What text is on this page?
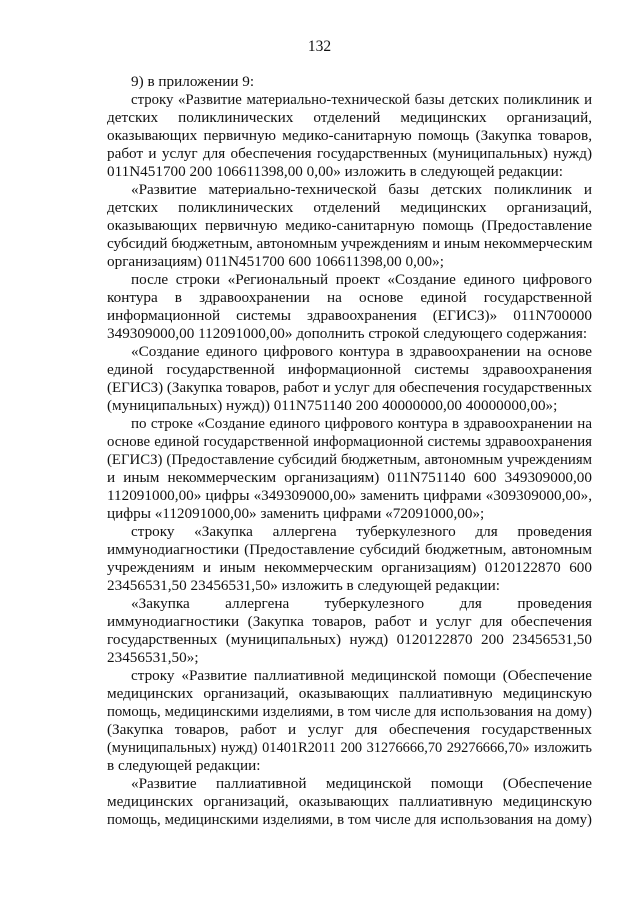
132
9) в приложении 9:
строку «Развитие материально-технической базы детских поликлиник и
детских поликлинических отделений медицинских организаций,
оказывающих первичную медико-санитарную помощь (Закупка товаров,
работ и услуг для обеспечения государственных (муниципальных) нужд)
011N451700 200 106611398,00 0,00» изложить в следующей редакции:
«Развитие материально-технической базы детских поликлиник и
детских поликлинических отделений медицинских организаций,
оказывающих первичную медико-санитарную помощь (Предоставление
субсидий бюджетным, автономным учреждениям и иным некоммерческим
организациям) 011N451700 600 106611398,00 0,00»;
после строки «Региональный проект «Создание единого цифрового
контура в здравоохранении на основе единой государственной
информационной системы здравоохранения (ЕГИСЗ)» 011N700000
349309000,00 112091000,00» дополнить строкой следующего содержания:
«Создание единого цифрового контура в здравоохранении на основе
единой государственной информационной системы здравоохранения
(ЕГИСЗ) (Закупка товаров, работ и услуг для обеспечения государственных
(муниципальных) нужд)) 011N751140 200 40000000,00 40000000,00»;
по строке «Создание единого цифрового контура в здравоохранении на
основе единой государственной информационной системы здравоохранения
(ЕГИСЗ) (Предоставление субсидий бюджетным, автономным учреждениям
и иным некоммерческим организациям) 011N751140 600 349309000,00
112091000,00» цифры «349309000,00» заменить цифрами «309309000,00»,
цифры «112091000,00» заменить цифрами «72091000,00»;
строку «Закупка аллергена туберкулезного для проведения
иммунодиагностики (Предоставление субсидий бюджетным, автономным
учреждениям и иным некоммерческим организациям) 0120122870 600
23456531,50 23456531,50» изложить в следующей редакции:
«Закупка аллергена туберкулезного для проведения
иммунодиагностики (Закупка товаров, работ и услуг для обеспечения
государственных (муниципальных) нужд) 0120122870 200 23456531,50
23456531,50»;
строку «Развитие паллиативной медицинской помощи (Обеспечение
медицинских организаций, оказывающих паллиативную медицинскую
помощь, медицинскими изделиями, в том числе для использования на дому)
(Закупка товаров, работ и услуг для обеспечения государственных
(муниципальных) нужд) 01401R2011 200 31276666,70 29276666,70» изложить
в следующей редакции:
«Развитие паллиативной медицинской помощи (Обеспечение
медицинских организаций, оказывающих паллиативную медицинскую
помощь, медицинскими изделиями, в том числе для использования на дому)
